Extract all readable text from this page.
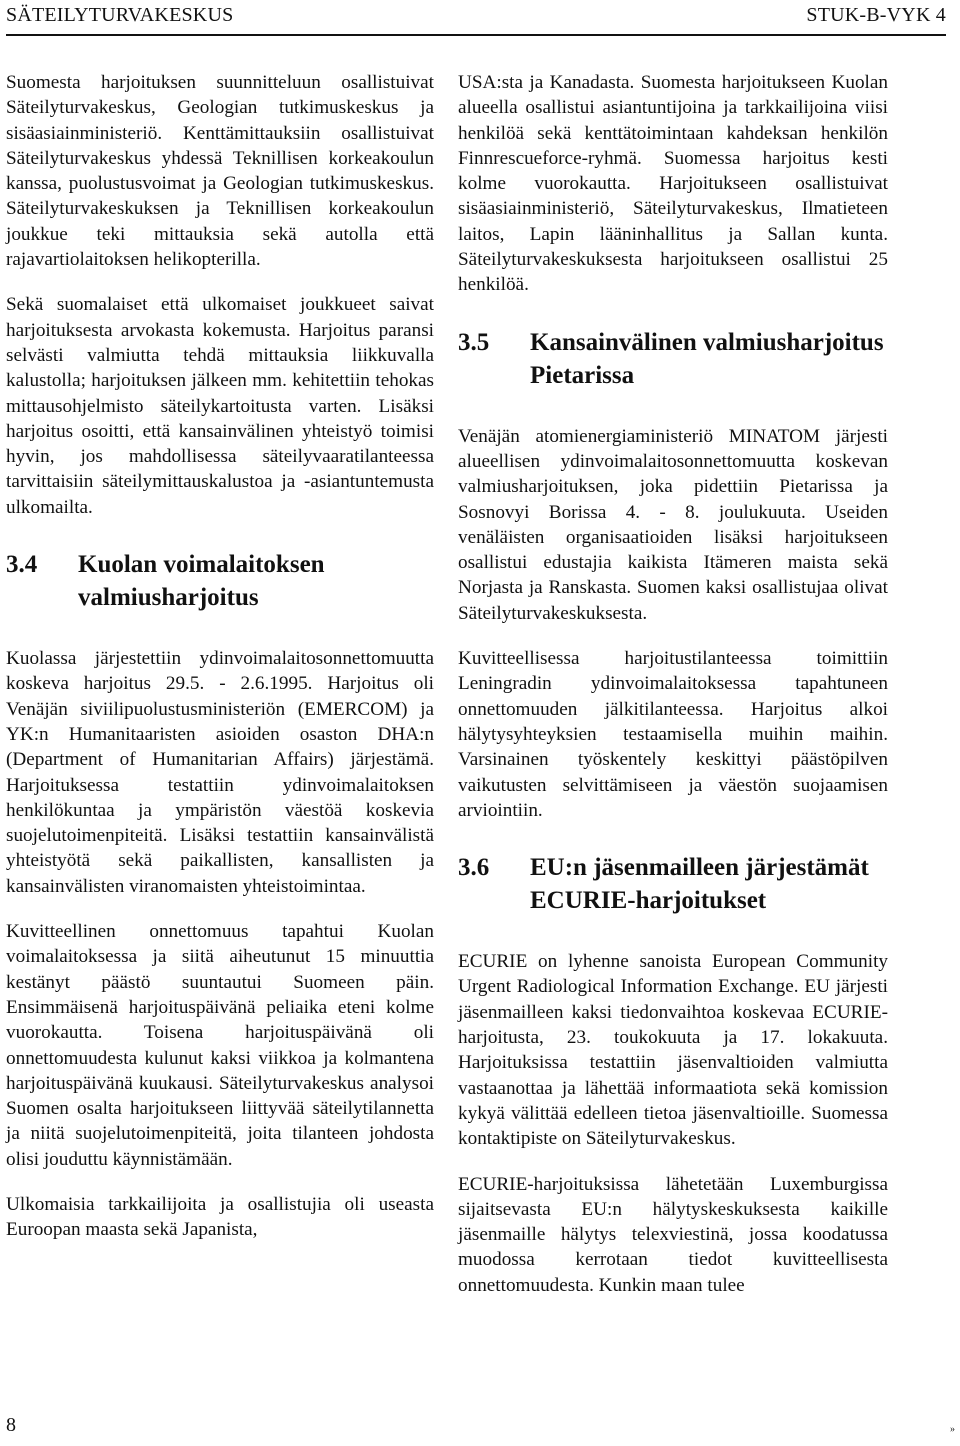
SÄTEILYTURVAKESKUS	STUK-B-VYK 4

Suomesta harjoituksen suunnitteluun osallistuivat Säteilyturvakeskus, Geologian tutkimuskeskus ja sisäasiainministeriö. Kenttämittauksiin osallistuivat Säteilyturvakeskus yhdessä Teknillisen korkeakoulun kanssa, puolustusvoimat ja Geologian tutkimuskeskus. Säteilyturvakeskuksen ja Teknillisen korkeakoulun joukkue teki mittauksia sekä autolla että rajavartiolaitoksen helikopterilla.

Sekä suomalaiset että ulkomaiset joukkueet saivat harjoituksesta arvokasta kokemusta. Harjoitus paransi selvästi valmiutta tehdä mittauksia liikkuvalla kalustolla; harjoituksen jälkeen mm. kehitettiin tehokas mittausohjelmisto säteilykartoitusta varten. Lisäksi harjoitus osoitti, että kansainvälinen yhteistyö toimisi hyvin, jos mahdollisessa säteilyvaaratilanteessa tarvittaisiin säteilymittauskalustoa ja -asiantuntemusta ulkomailta.

3.4	Kuolan voimalaitoksen valmiusharjoitus

Kuolassa järjestettiin ydinvoimalaitosonnettomuutta koskeva harjoitus 29.5. - 2.6.1995. Harjoitus oli Venäjän siviilipuolustusministeriön (EMERCOM) ja YK:n Humanitaaristen asioiden osaston DHA:n (Department of Humanitarian Affairs) järjestämä. Harjoituksessa testattiin ydinvoimalaitoksen henkilökuntaa ja ympäristön väestöä koskevia suojelutoimenpiteitä. Lisäksi testattiin kansainvälistä yhteistyötä sekä paikallisten, kansallisten ja kansainvälisten viranomaisten yhteistoimintaa.

Kuvitteellinen onnettomuus tapahtui Kuolan voimalaitoksessa ja siitä aiheutunut 15 minuuttia kestänyt päästö suuntautui Suomeen päin. Ensimmäisenä harjoituspäivänä peliaika eteni kolme vuorokautta. Toisena harjoituspäivänä oli onnettomuudesta kulunut kaksi viikkoa ja kolmantena harjoituspäivänä kuukausi. Säteilyturvakeskus analysoi Suomen osalta harjoitukseen liittyvää säteilytilannetta ja niitä suojelutoimenpiteitä, joita tilanteen johdosta olisi jouduttu käynnistämään.

Ulkomaisia tarkkailijoita ja osallistujia oli useasta Euroopan maasta sekä Japanista,

USA:sta ja Kanadasta. Suomesta harjoitukseen Kuolan alueella osallistui asiantuntijoina ja tarkkailijoina viisi henkilöä sekä kenttätoimintaan kahdeksan henkilön Finnrescueforce-ryhmä. Suomessa harjoitus kesti kolme vuorokautta. Harjoitukseen osallistuivat sisäasiainministeriö, Säteilyturvakeskus, Ilmatieteen laitos, Lapin lääninhallitus ja Sallan kunta. Säteilyturvakeskuksesta harjoitukseen osallistui 25 henkilöä.

3.5	Kansainvälinen valmiusharjoitus Pietarissa

Venäjän atomienergiaministeriö MINATOM järjesti alueellisen ydinvoimalaitosonnettomuutta koskevan valmiusharjoituksen, joka pidettiin Pietarissa ja Sosnovyi Borissa 4. - 8. joulukuuta. Useiden venäläisten organisaatioiden lisäksi harjoitukseen osallistui edustajia kaikista Itämeren maista sekä Norjasta ja Ranskasta. Suomen kaksi osallistujaa olivat Säteilyturvakeskuksesta.

Kuvitteellisessa harjoitustilanteessa toimittiin Leningradin ydinvoimalaitoksessa tapahtuneen onnettomuuden jälkitilanteessa. Harjoitus alkoi hälytysyhteyksien testaamisella muihin maihin. Varsinainen työskentely keskittyi päästöpilven vaikutusten selvittämiseen ja väestön suojaamisen arviointiin.

3.6	EU:n jäsenmailleen järjestämät ECURIE-harjoitukset

ECURIE on lyhenne sanoista European Community Urgent Radiological Information Exchange. EU järjesti jäsenmailleen kaksi tiedonvaihtoa koskevaa ECURIE-harjoitusta, 23. toukokuuta ja 17. lokakuuta. Harjoituksissa testattiin jäsenvaltioiden valmiutta vastaanottaa ja lähettää informaatiota sekä komission kykyä välittää edelleen tietoa jäsenvaltioille. Suomessa kontaktipiste on Säteilyturvakeskus.

ECURIE-harjoituksissa lähetetään Luxemburgissa sijaitsevasta EU:n hälytyskeskuksesta kaikille jäsenmaille hälytys telexviestinä, jossa koodatussa muodossa kerrotaan tiedot kuvitteellisesta onnettomuudesta. Kunkin maan tulee

8	»
